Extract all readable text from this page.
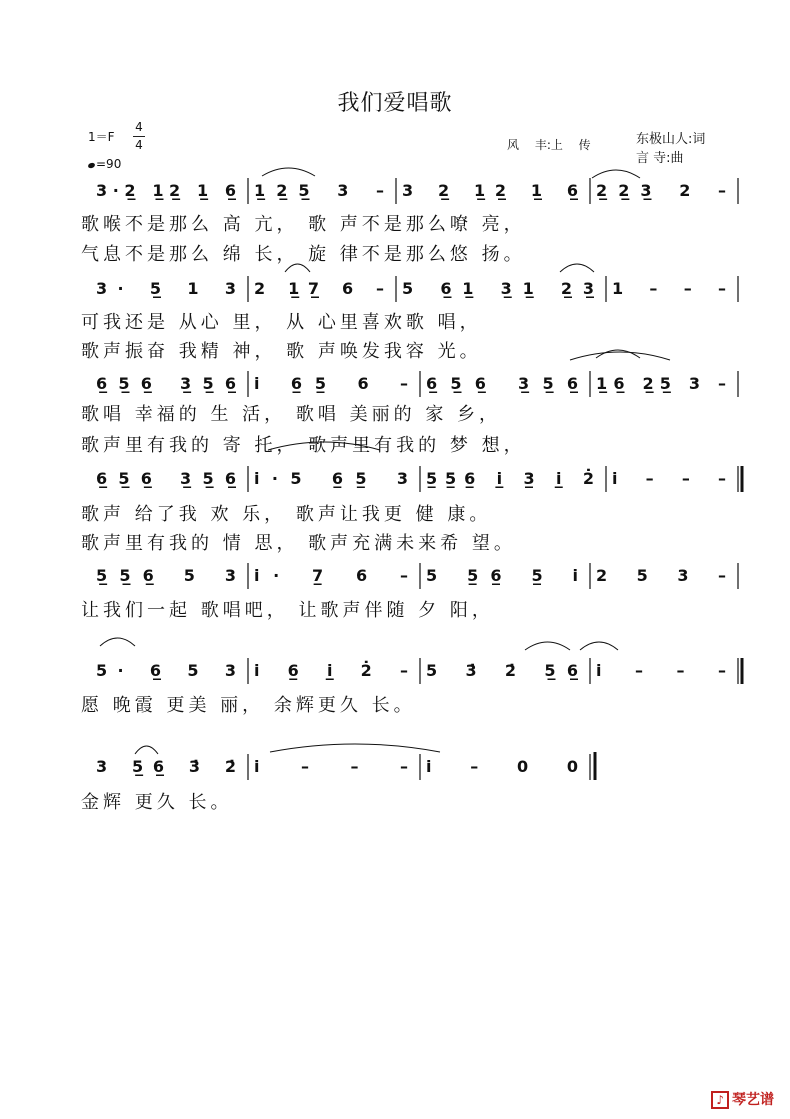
我们爱唱歌
1＝F
4
4
=90
风 丰:上 传	东极山人:词
言 寺:曲
3·2̲ 1̲2̲ 1̲ 6̲ 1̲2̲5̲ 3 – 3 2̲ 1̲2̲ 1̲ 6̲ 2̲2̲3̲ 2 –
3· 5̲ 1 3 2 1̲7̲ 6 – 5 6̲1̲ 3̲1̲ 2̲3̲ 1 – – –
6̲5̲6̲ 3̲5̲6̲ i 6̲5̲ 6 – 6̲5̲6̲ 3̲5̲6̲ 1̲6̲ 2̲5̲ 3 –
6̲5̲6̲ 3̲5̲6̲ i·5 6̲5̲ 3 5̲5̲6̲ i̲ 3̲ i̲ 2̇ i – – –
5̲5̲6̲ 5 3 i· 7̲ 6 – 5 5̲6̲ 5̲ i 2 5 3 –
5· 6̲ 5 3 i 6̲ i̲ 2̇ – 5 3̇ 2̇ 5̲6̲ i – – –
3 5̲6̲ 3̇ 2̇ i – – – i – 0 0
歌喉不是那么 高 亢， 歌 声不是那么嘹 亮，
气息不是那么 绵 长， 旋 律不是那么悠 扬。
可我还是 从心 里， 从 心里喜欢歌 唱，
歌声振奋 我精 神， 歌 声唤发我容 光。
歌唱 幸福的 生 活， 歌唱 美丽的 家 乡，
歌声里有我的 寄 托， 歌声里有我的 梦 想，
歌声 给了我 欢 乐， 歌声让我更 健 康。
歌声里有我的 情 思， 歌声充满未来希 望。
让我们一起 歌唱吧， 让歌声伴随 夕 阳，
愿 晚霞 更美 丽， 余辉更久 长。
金辉 更久 长。
♪ 琴艺谱
